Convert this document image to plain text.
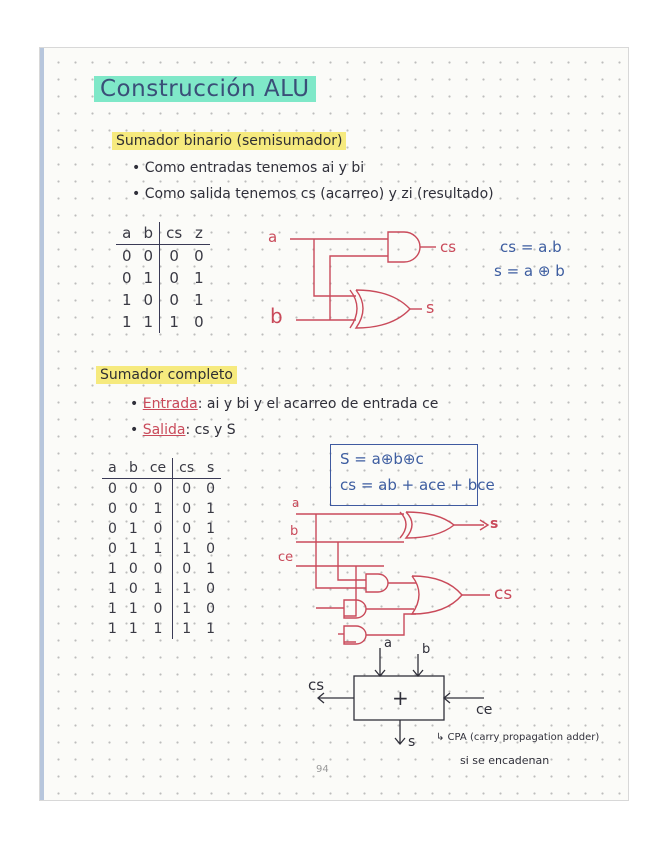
Construcción ALU
Sumador binario (semisumador)
• Como entradas tenemos ai y bi
• Como salida tenemos cs (acarreo) y zi (resultado)
a	b	cs	z
0	0	0	0
0	1	0	1
1	0	0	1
1	1	1	0
cs = a.b
s = a ⊕ b
Sumador completo
• Entrada: ai y bi y el acarreo de entrada ce
• Salida: cs y S
a	b	ce	cs	s
0	0	0	0	0
0	0	1	0	1
0	1	0	0	1
0	1	1	1	0
1	0	0	0	1
1	0	1	1	0
1	1	0	1	0
1	1	1	1	1
S = a⊕b⊕c
cs = ab + ace + bce
a
b
cs
s
a
b
ce
s
cs
a b
+
cs
ce
s ↳ CPA (carry propagation adder)
si se encadenan
94
